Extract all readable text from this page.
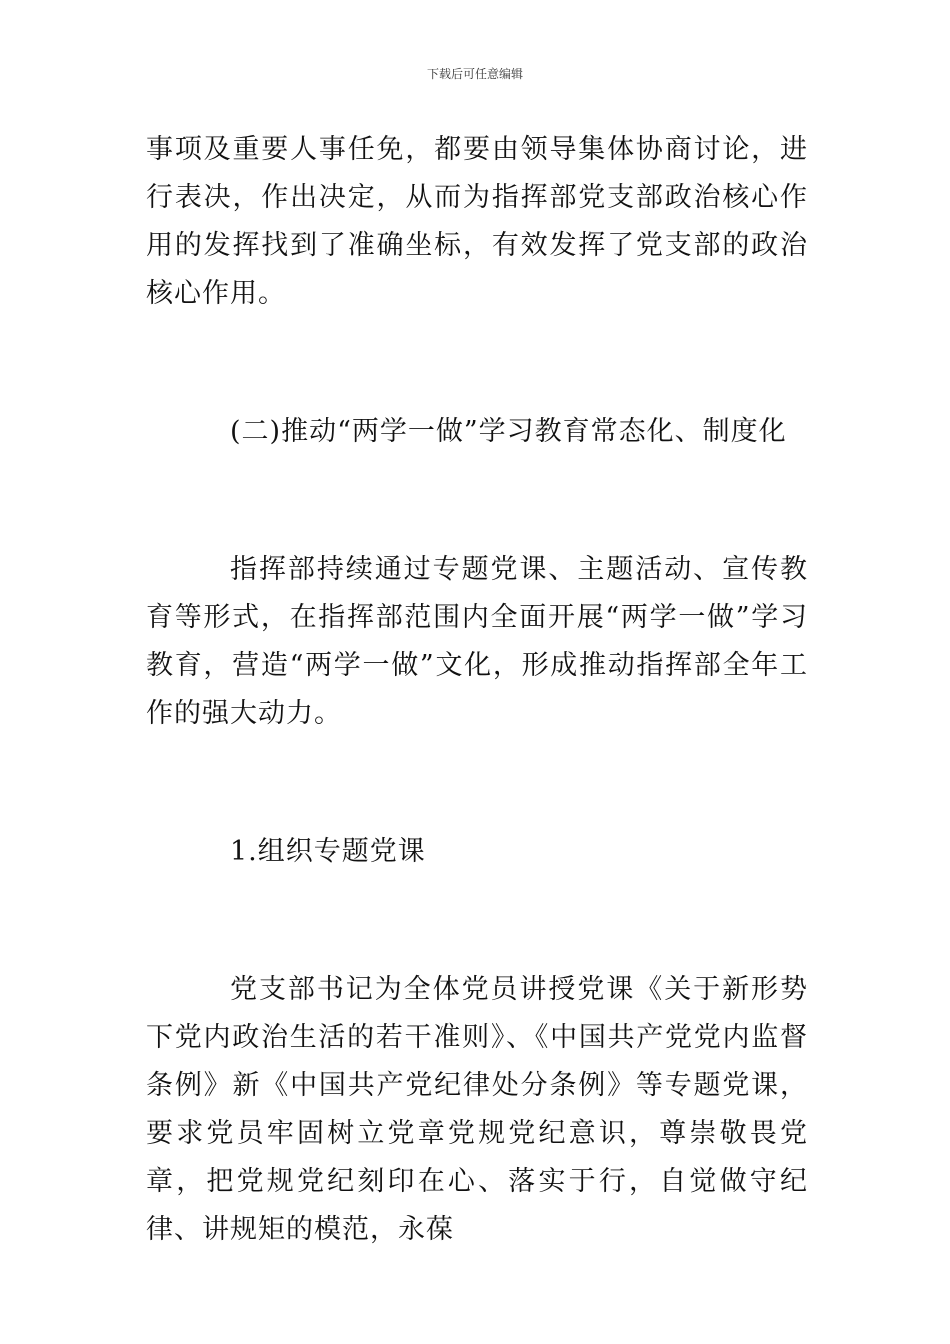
下载后可任意编辑

事项及重要人事任免，都要由领导集体协商讨论，进行表决，作出决定，从而为指挥部党支部政治核心作用的发挥找到了准确坐标，有效发挥了党支部的政治核心作用。

(二)推动“两学一做”学习教育常态化、制度化

指挥部持续通过专题党课、主题活动、宣传教育等形式，在指挥部范围内全面开展“两学一做”学习教育，营造“两学一做”文化，形成推动指挥部全年工作的强大动力。

1.组织专题党课

党支部书记为全体党员讲授党课《关于新形势下党内政治生活的若干准则》、《中国共产党党内监督条例》新《中国共产党纪律处分条例》等专题党课，要求党员牢固树立党章党规党纪意识，尊崇敬畏党章，把党规党纪刻印在心、落实于行，自觉做守纪律、讲规矩的模范，永葆
